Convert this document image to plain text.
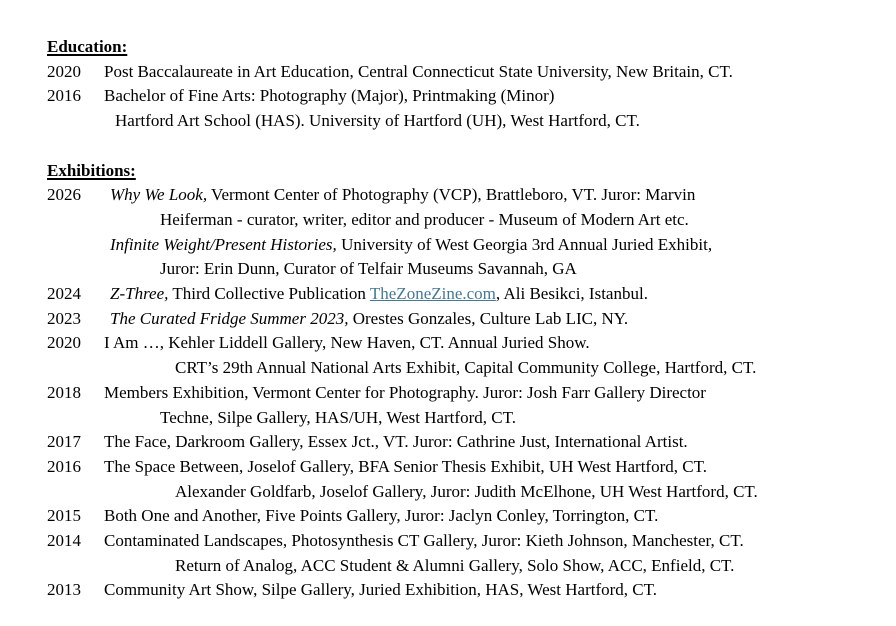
Education:
2020	Post Baccalaureate in Art Education, Central Connecticut State University, New Britain, CT.
2016	Bachelor of Fine Arts: Photography (Major), Printmaking (Minor)
Hartford Art School (HAS). University of Hartford (UH), West Hartford, CT.
Exhibitions:
2026	Why We Look, Vermont Center of Photography (VCP), Brattleboro, VT. Juror: Marvin
Heiferman - curator, writer, editor and producer - Museum of Modern Art etc.
Infinite Weight/Present Histories, University of West Georgia 3rd Annual Juried Exhibit,
Juror: Erin Dunn, Curator of Telfair Museums Savannah, GA
2024	Z-Three, Third Collective Publication TheZoneZine.com, Ali Besikci, Istanbul.
2023	The Curated Fridge Summer 2023, Orestes Gonzales, Culture Lab LIC, NY.
2020	I Am …, Kehler Liddell Gallery, New Haven, CT. Annual Juried Show.
CRT’s 29th Annual National Arts Exhibit, Capital Community College, Hartford, CT.
2018	Members Exhibition, Vermont Center for Photography. Juror: Josh Farr Gallery Director
Techne, Silpe Gallery, HAS/UH, West Hartford, CT.
2017	The Face, Darkroom Gallery, Essex Jct., VT. Juror: Cathrine Just, International Artist.
2016	The Space Between, Joselof Gallery, BFA Senior Thesis Exhibit, UH West Hartford, CT.
Alexander Goldfarb, Joselof Gallery, Juror: Judith McElhone, UH West Hartford, CT.
2015	Both One and Another, Five Points Gallery, Juror: Jaclyn Conley, Torrington, CT.
2014	Contaminated Landscapes, Photosynthesis CT Gallery, Juror: Kieth Johnson, Manchester, CT.
Return of Analog, ACC Student & Alumni Gallery, Solo Show, ACC, Enfield, CT.
2013	Community Art Show, Silpe Gallery, Juried Exhibition, HAS, West Hartford, CT.
